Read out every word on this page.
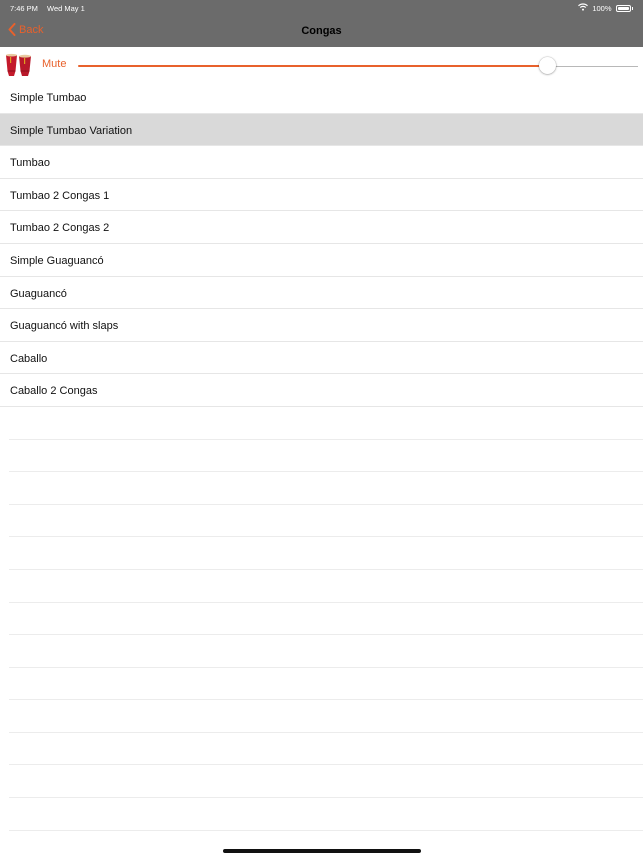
7:46 PM Wed May 1	100%
Back	Congas
Mute
Simple Tumbao
Simple Tumbao Variation
Tumbao
Tumbao 2 Congas 1
Tumbao 2 Congas 2
Simple Guaguancó
Guaguancó
Guaguancó with slaps
Caballo
Caballo 2 Congas
